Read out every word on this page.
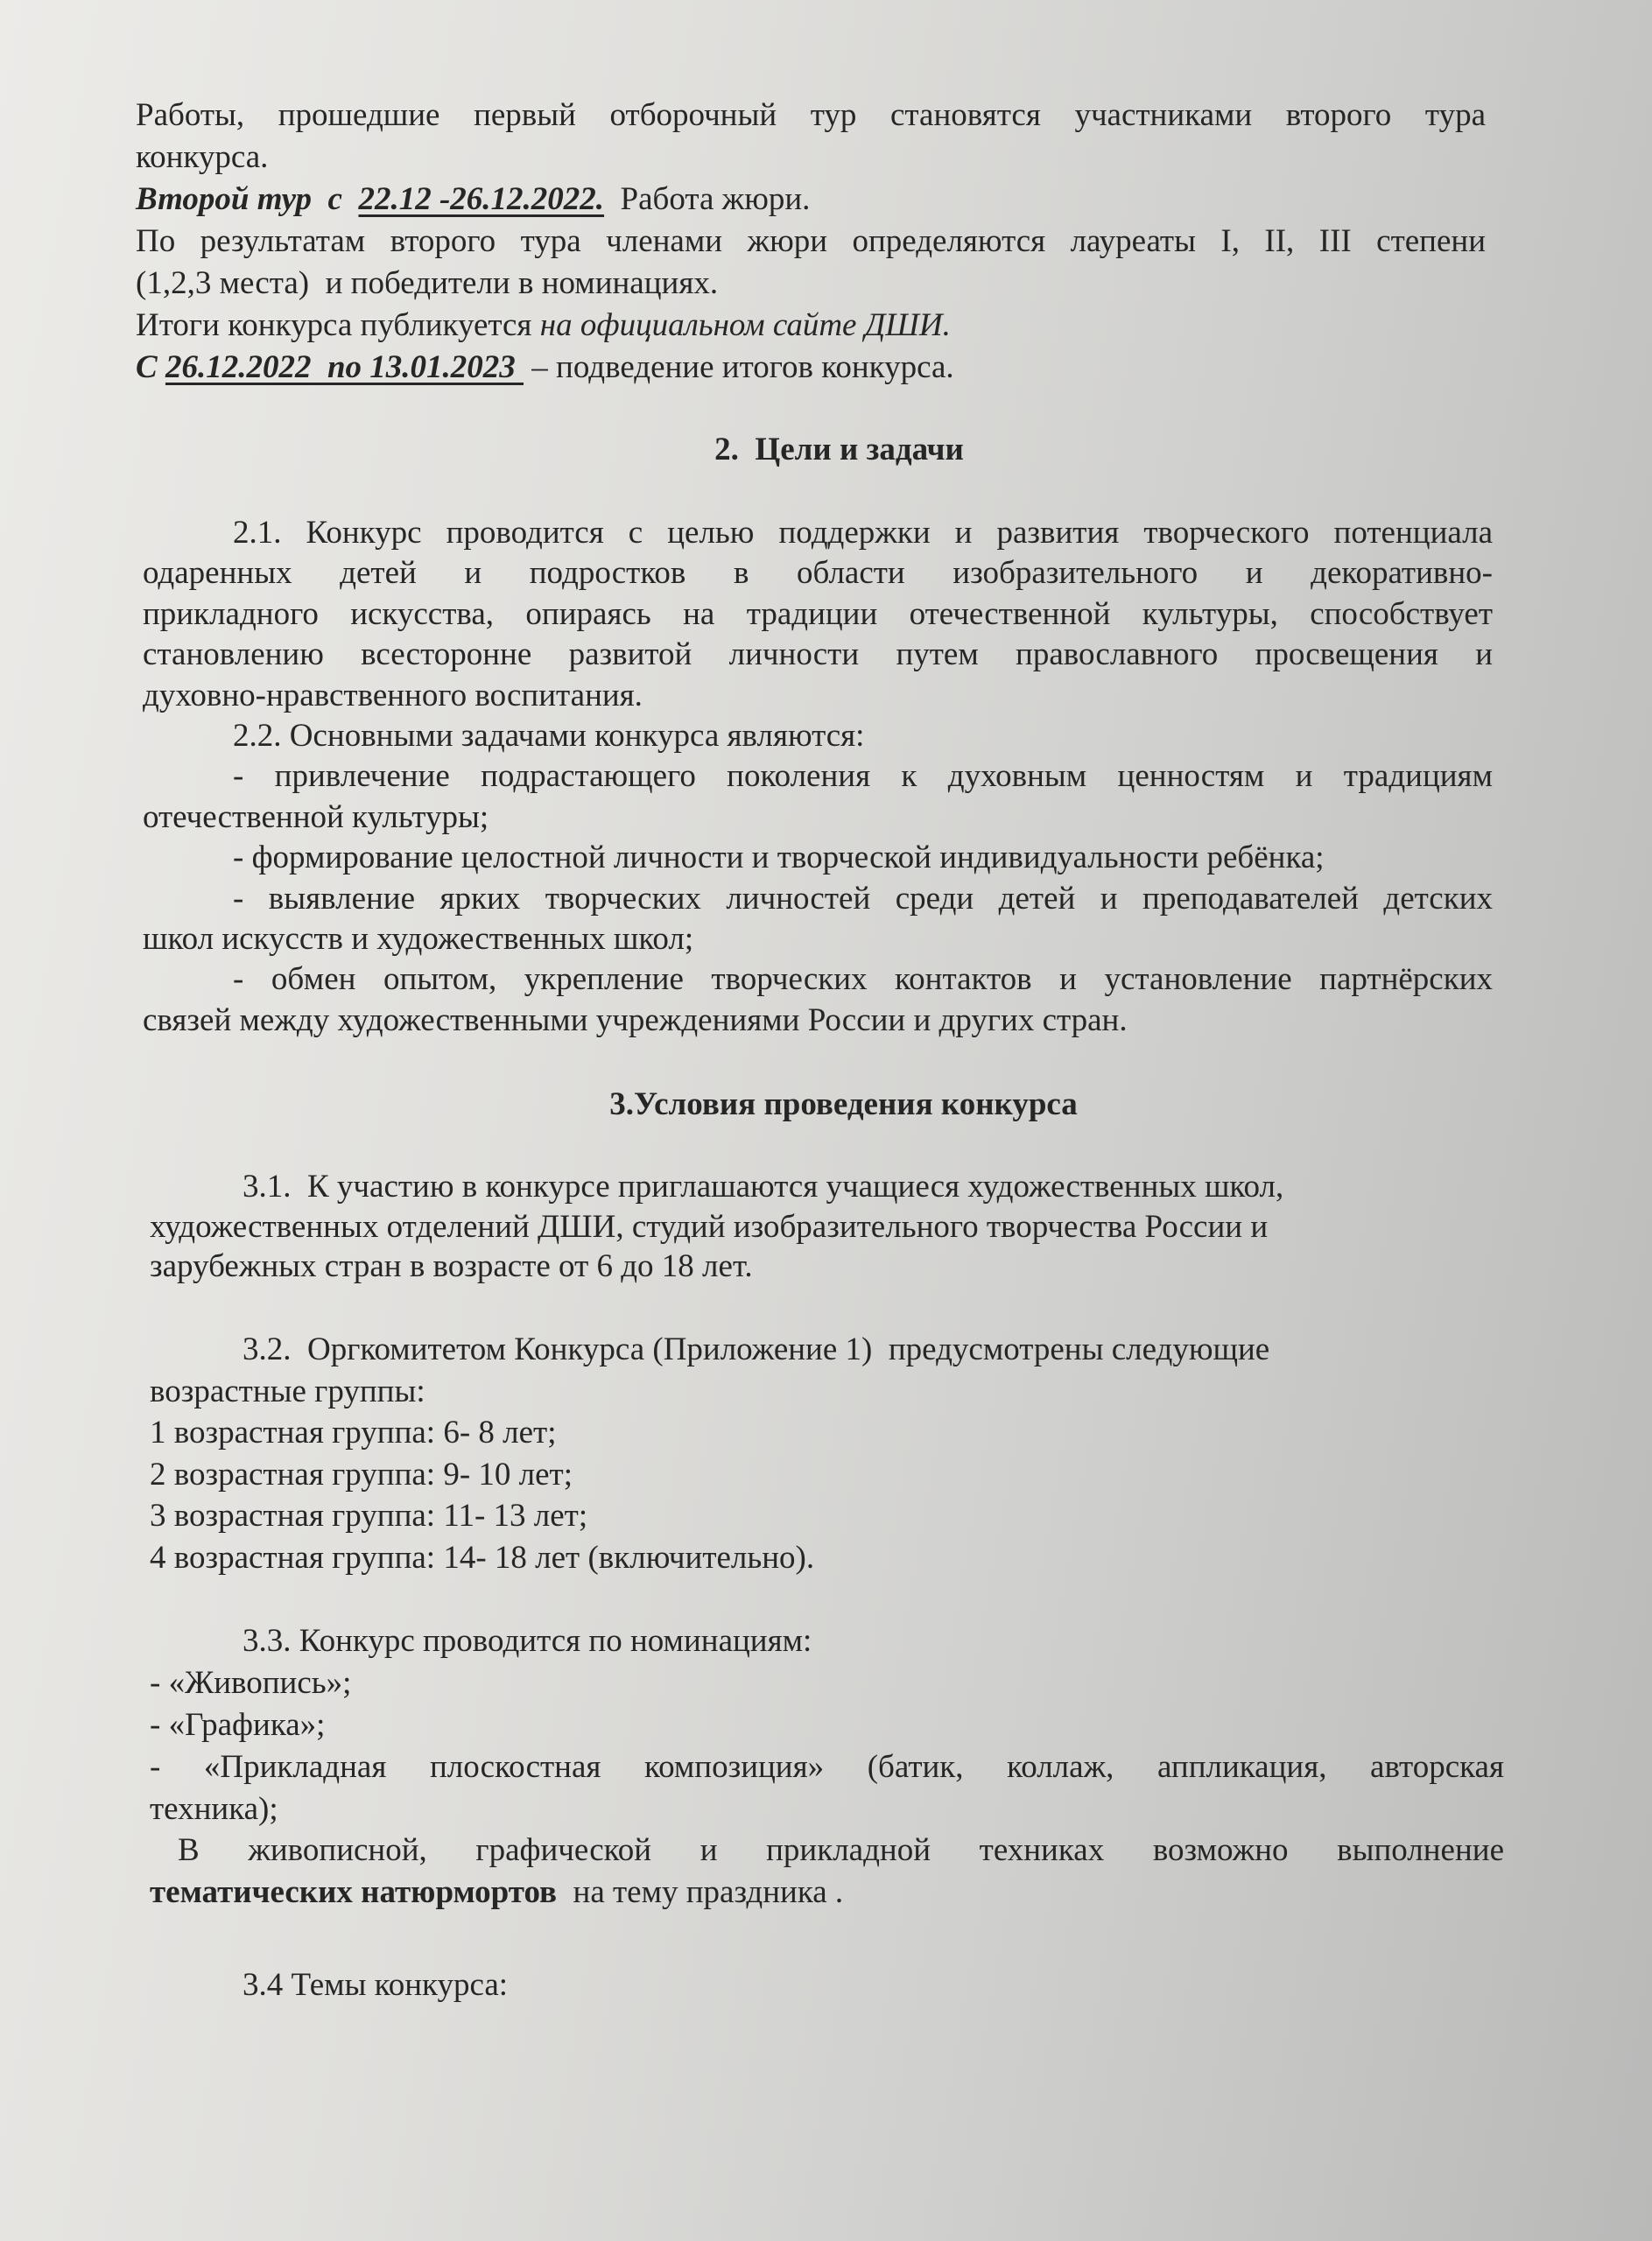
Работы, прошедшие первый отборочный тур становятся участниками второго тура
конкурса.
Второй тур  с  22.12 -26.12.2022.  Работа жюри.
По результатам второго тура членами жюри определяются лауреаты I, II, III степени
(1,2,3 места)  и победители в номинациях.
Итоги конкурса публикуется на официальном сайте ДШИ.
С 26.12.2022  по 13.01.2023  – подведение итогов конкурса.
2.  Цели и задачи
2.1. Конкурс проводится с целью поддержки и развития творческого потенциала
одаренных детей и подростков в области изобразительного и декоративно-
прикладного искусства, опираясь на традиции отечественной культуры, способствует
становлению всесторонне развитой личности путем православного просвещения и
духовно-нравственного воспитания.
2.2. Основными задачами конкурса являются:
- привлечение подрастающего поколения к духовным ценностям и традициям
отечественной культуры;
- формирование целостной личности и творческой индивидуальности ребёнка;
- выявление ярких творческих личностей среди детей и преподавателей детских
школ искусств и художественных школ;
- обмен опытом, укрепление творческих контактов и установление партнёрских
связей между художественными учреждениями России и других стран.
3.Условия проведения конкурса
3.1.  К участию в конкурсе приглашаются учащиеся художественных школ,
художественных отделений ДШИ, студий изобразительного творчества России и
зарубежных стран в возрасте от 6 до 18 лет.
3.2.  Оргкомитетом Конкурса (Приложение 1)  предусмотрены следующие
возрастные группы:
1 возрастная группа: 6- 8 лет;
2 возрастная группа: 9- 10 лет;
3 возрастная группа: 11- 13 лет;
4 возрастная группа: 14- 18 лет (включительно).
3.3. Конкурс проводится по номинациям:
- «Живопись»;
- «Графика»;
- «Прикладная плоскостная композиция» (батик, коллаж, аппликация, авторская
техника);
В живописной, графической и прикладной техниках возможно выполнение
тематических натюрмортов  на тему праздника .
3.4 Темы конкурса:
